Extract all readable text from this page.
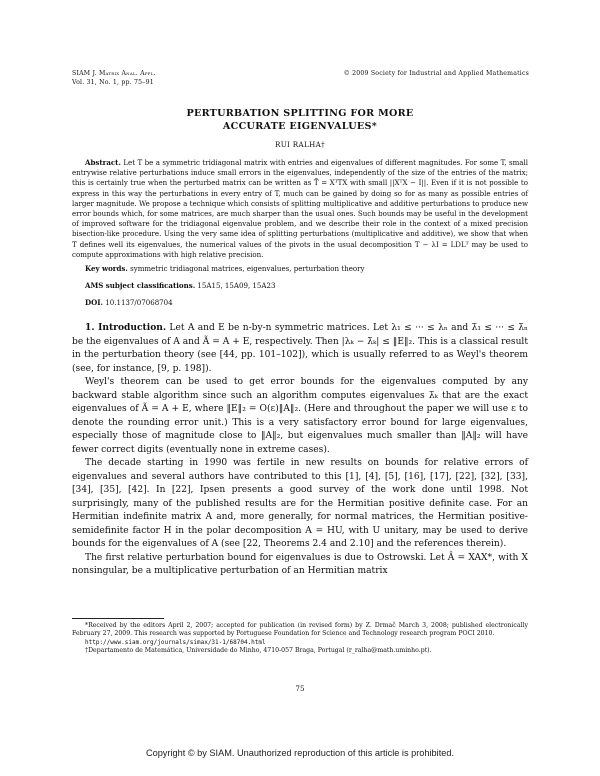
SIAM J. Matrix Anal. Appl.
Vol. 31, No. 1, pp. 75–91
© 2009 Society for Industrial and Applied Mathematics
PERTURBATION SPLITTING FOR MORE
ACCURATE EIGENVALUES*
RUI RALHA†

Abstract. Let T be a symmetric tridiagonal matrix with entries and eigenvalues of different magnitudes. For some T, small entrywise relative perturbations induce small errors in the eigenvalues, independently of the size of the entries of the matrix; this is certainly true when the perturbed matrix can be written as T̃ = XᵀTX with small ||XᵀX − I||. Even if it is not possible to express in this way the perturbations in every entry of T, much can be gained by doing so for as many as possible entries of larger magnitude. We propose a technique which consists of splitting multiplicative and additive perturbations to produce new error bounds which, for some matrices, are much sharper than the usual ones. Such bounds may be useful in the development of improved software for the tridiagonal eigenvalue problem, and we describe their role in the context of a mixed precision bisection-like procedure. Using the very same idea of splitting perturbations (multiplicative and additive), we show that when T defines well its eigenvalues, the numerical values of the pivots in the usual decomposition T − λI = LDLᵀ may be used to compute approximations with high relative precision.

Key words. symmetric tridiagonal matrices, eigenvalues, perturbation theory

AMS subject classifications. 15A15, 15A09, 15A23

DOI. 10.1137/07068704

1. Introduction. Let A and E be n-by-n symmetric matrices. Let λ₁ ≤ ··· ≤ λₙ and λ̃₁ ≤ ··· ≤ λ̃ₙ be the eigenvalues of A and Ã = A + E, respectively. Then |λₖ − λ̃ₖ| ≤ ‖E‖₂. This is a classical result in the perturbation theory (see [44, pp. 101–102]), which is usually referred to as Weyl's theorem (see, for instance, [9, p. 198]).

Weyl's theorem can be used to get error bounds for the eigenvalues computed by any backward stable algorithm since such an algorithm computes eigenvalues λ̃ₖ that are the exact eigenvalues of Ã = A + E, where ‖E‖₂ = O(ε)‖A‖₂. (Here and throughout the paper we will use ε to denote the rounding error unit.) This is a very satisfactory error bound for large eigenvalues, especially those of magnitude close to ‖A‖₂, but eigenvalues much smaller than ‖A‖₂ will have fewer correct digits (eventually none in extreme cases).

The decade starting in 1990 was fertile in new results on bounds for relative errors of eigenvalues and several authors have contributed to this [1], [4], [5], [16], [17], [22], [32], [33], [34], [35], [42]. In [22], Ipsen presents a good survey of the work done until 1998. Not surprisingly, many of the published results are for the Hermitian positive definite case. For an Hermitian indefinite matrix A and, more generally, for normal matrices, the Hermitian positive-semidefinite factor H in the polar decomposition A = HU, with U unitary, may be used to derive bounds for the eigenvalues of A (see [22, Theorems 2.4 and 2.10] and the references therein).

The first relative perturbation bound for eigenvalues is due to Ostrowski. Let Â = XAX*, with X nonsingular, be a multiplicative perturbation of an Hermitian matrix

*Received by the editors April 2, 2007; accepted for publication (in revised form) by Z. Drmač March 3, 2008; published electronically February 27, 2009. This research was supported by Portuguese Foundation for Science and Technology research program POCI 2010.

http://www.siam.org/journals/simax/31-1/68704.html

†Departamento de Matemática, Universidade do Minho, 4710-057 Braga, Portugal (r_ralha@math.uminho.pt).

75
Copyright © by SIAM. Unauthorized reproduction of this article is prohibited.
